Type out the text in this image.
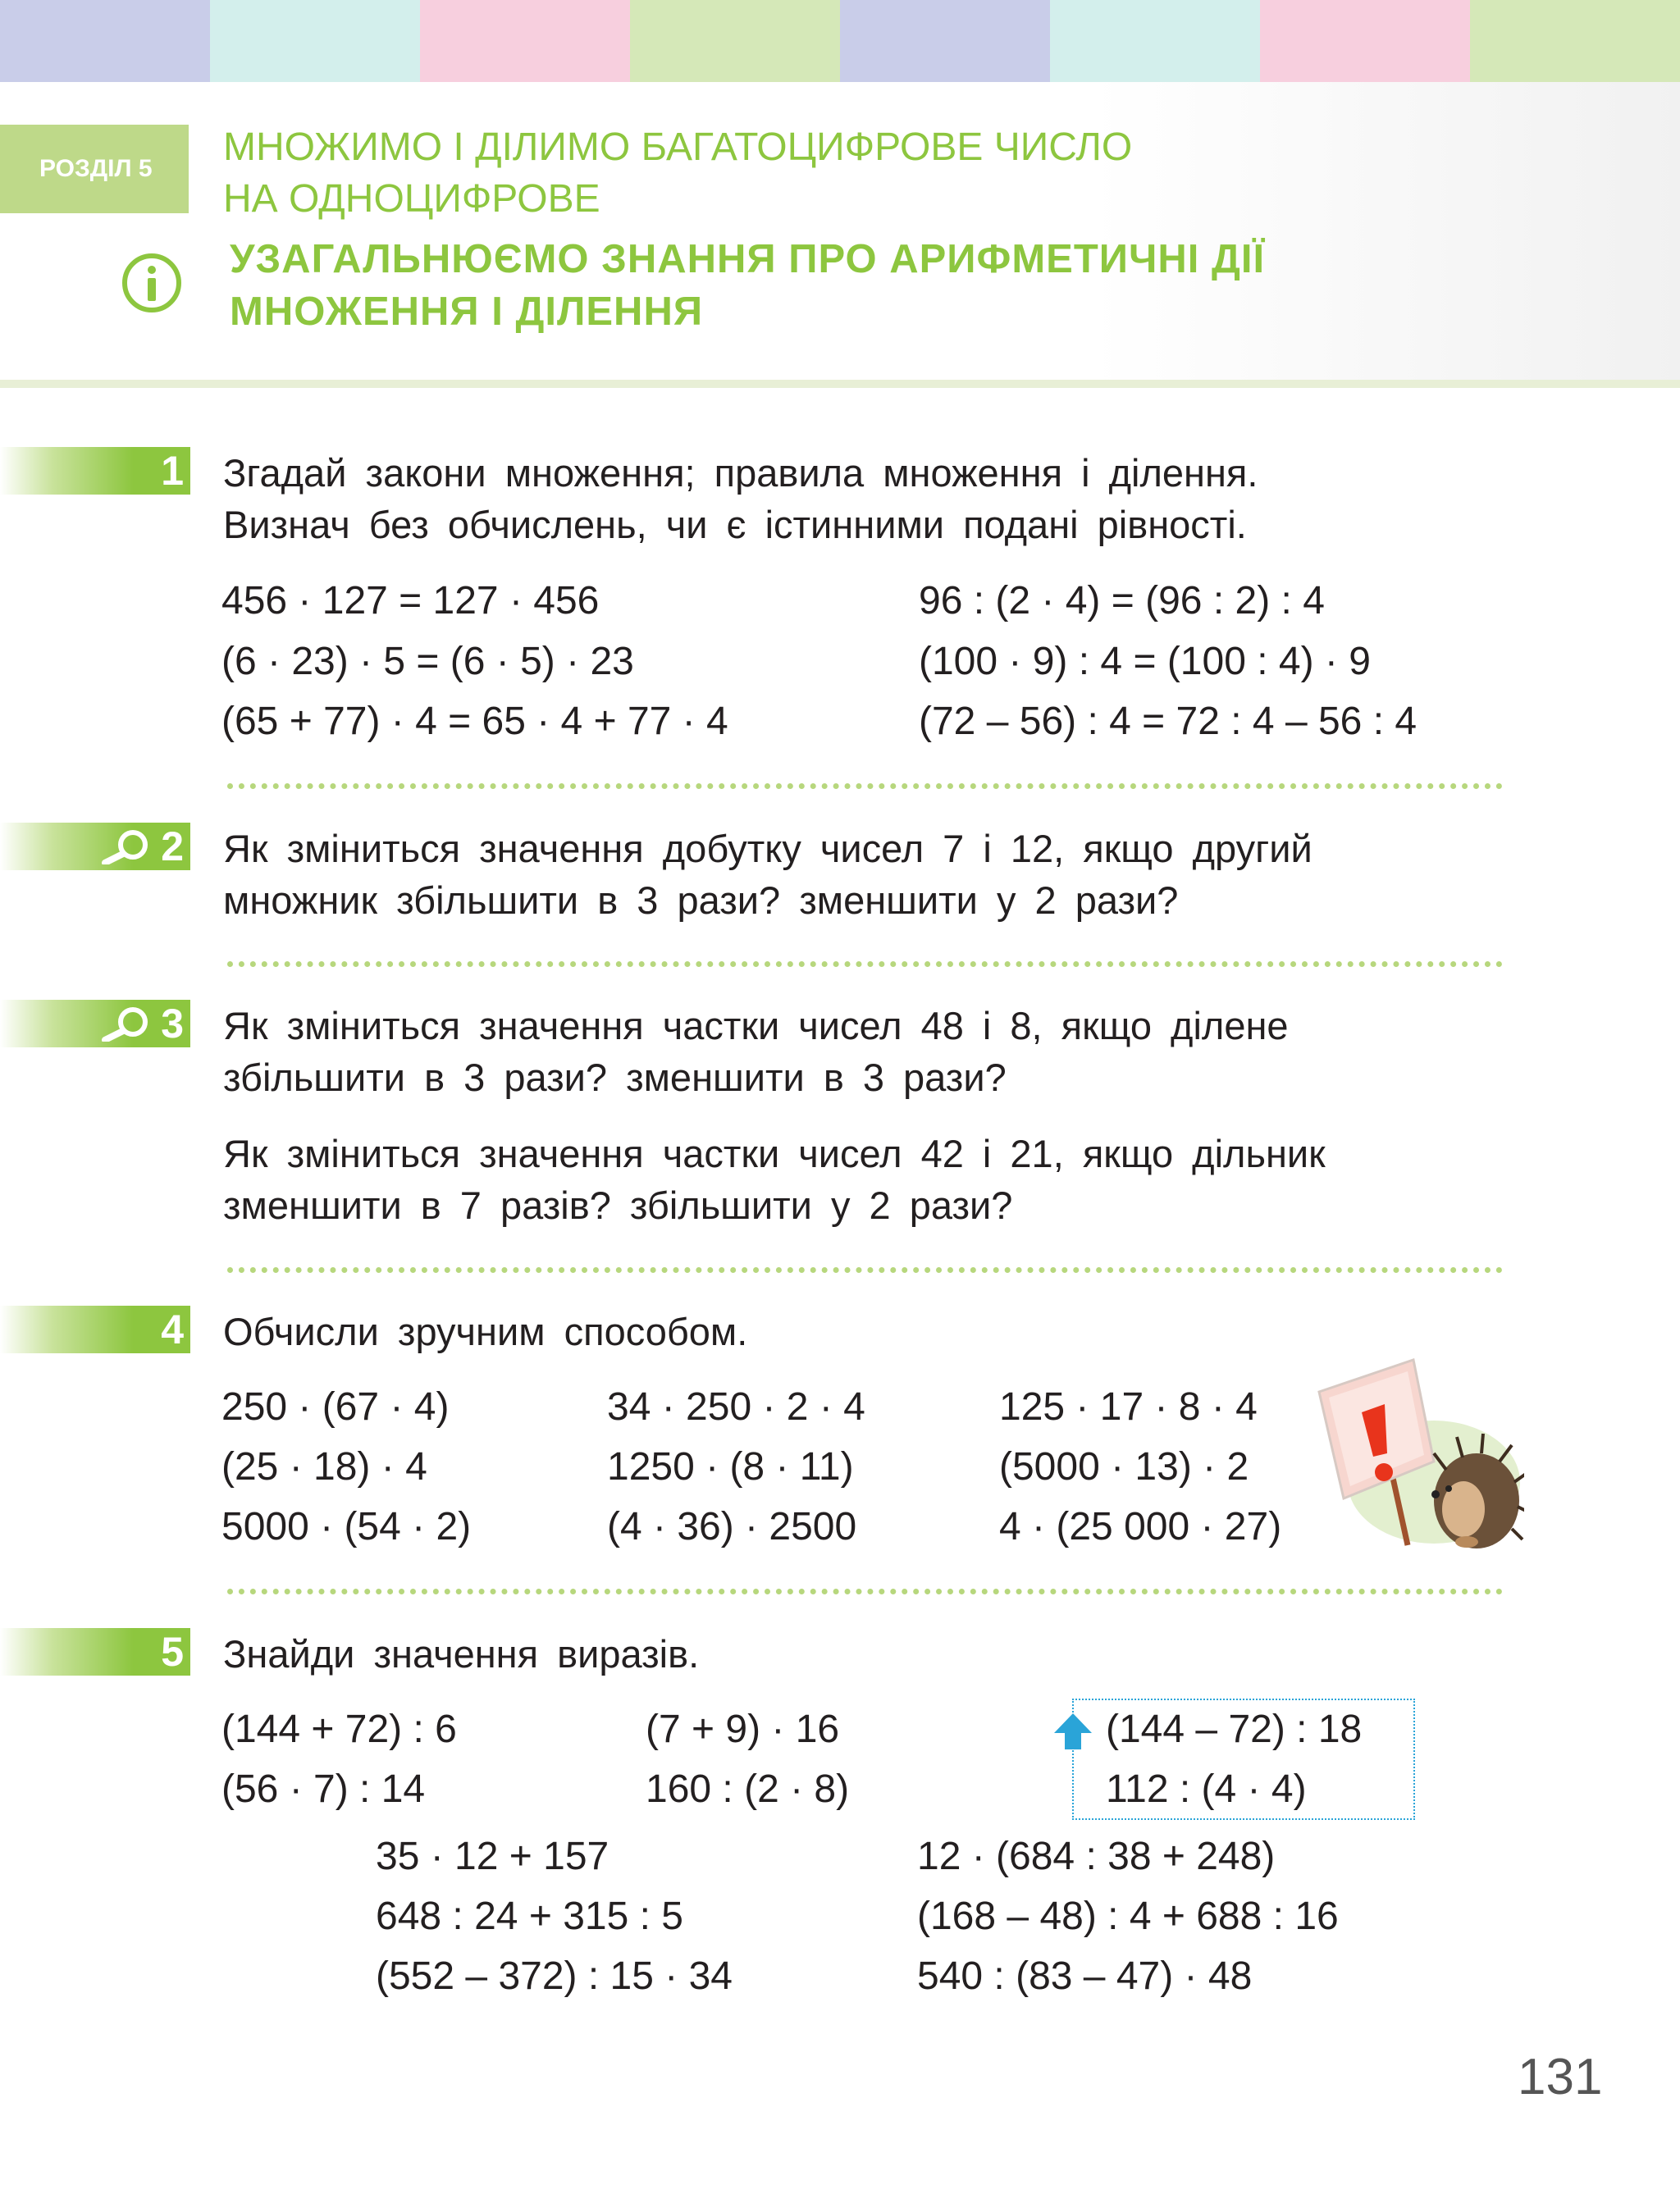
РОЗДІЛ 5 МНОЖИМО І ДІЛИМО БАГАТОЦИФРОВЕ ЧИСЛО
НА ОДНОЦИФРОВЕ
УЗАГАЛЬНЮЄМО ЗНАННЯ ПРО АРИФМЕТИЧНІ ДІЇ
МНОЖЕННЯ І ДІЛЕННЯ
1 Згадай закони множення; правила множення і ділення.
Визнач без обчислень, чи є істинними подані рівності.
456 · 127 = 127 · 456
(6 · 23) · 5 = (6 · 5) · 23
(65 + 77) · 4 = 65 · 4 + 77 · 4
96 : (2 · 4) = (96 : 2) : 4
(100 · 9) : 4 = (100 : 4) · 9
(72 – 56) : 4 = 72 : 4 – 56 : 4
2 Як зміниться значення добутку чисел 7 і 12, якщо другий
множник збільшити в 3 рази? зменшити у 2 рази?
3 Як зміниться значення частки чисел 48 і 8, якщо ділене
збільшити в 3 рази? зменшити в 3 рази?
Як зміниться значення частки чисел 42 і 21, якщо дільник
зменшити в 7 разів? збільшити у 2 рази?
4 Обчисли зручним способом.
250 · (67 · 4)
(25 · 18) · 4
5000 · (54 · 2)
34 · 250 · 2 · 4
1250 · (8 · 11)
(4 · 36) · 2500
125 · 17 · 8 · 4
(5000 · 13) · 2
4 · (25 000 · 27)
5 Знайди значення виразів.
(144 + 72) : 6
(56 · 7) : 14
(7 + 9) · 16
160 : (2 · 8)
(144 – 72) : 18
112 : (4 · 4)
35 · 12 + 157
648 : 24 + 315 : 5
(552 – 372) : 15 · 34
12 · (684 : 38 + 248)
(168 – 48) : 4 + 688 : 16
540 : (83 – 47) · 48
131
